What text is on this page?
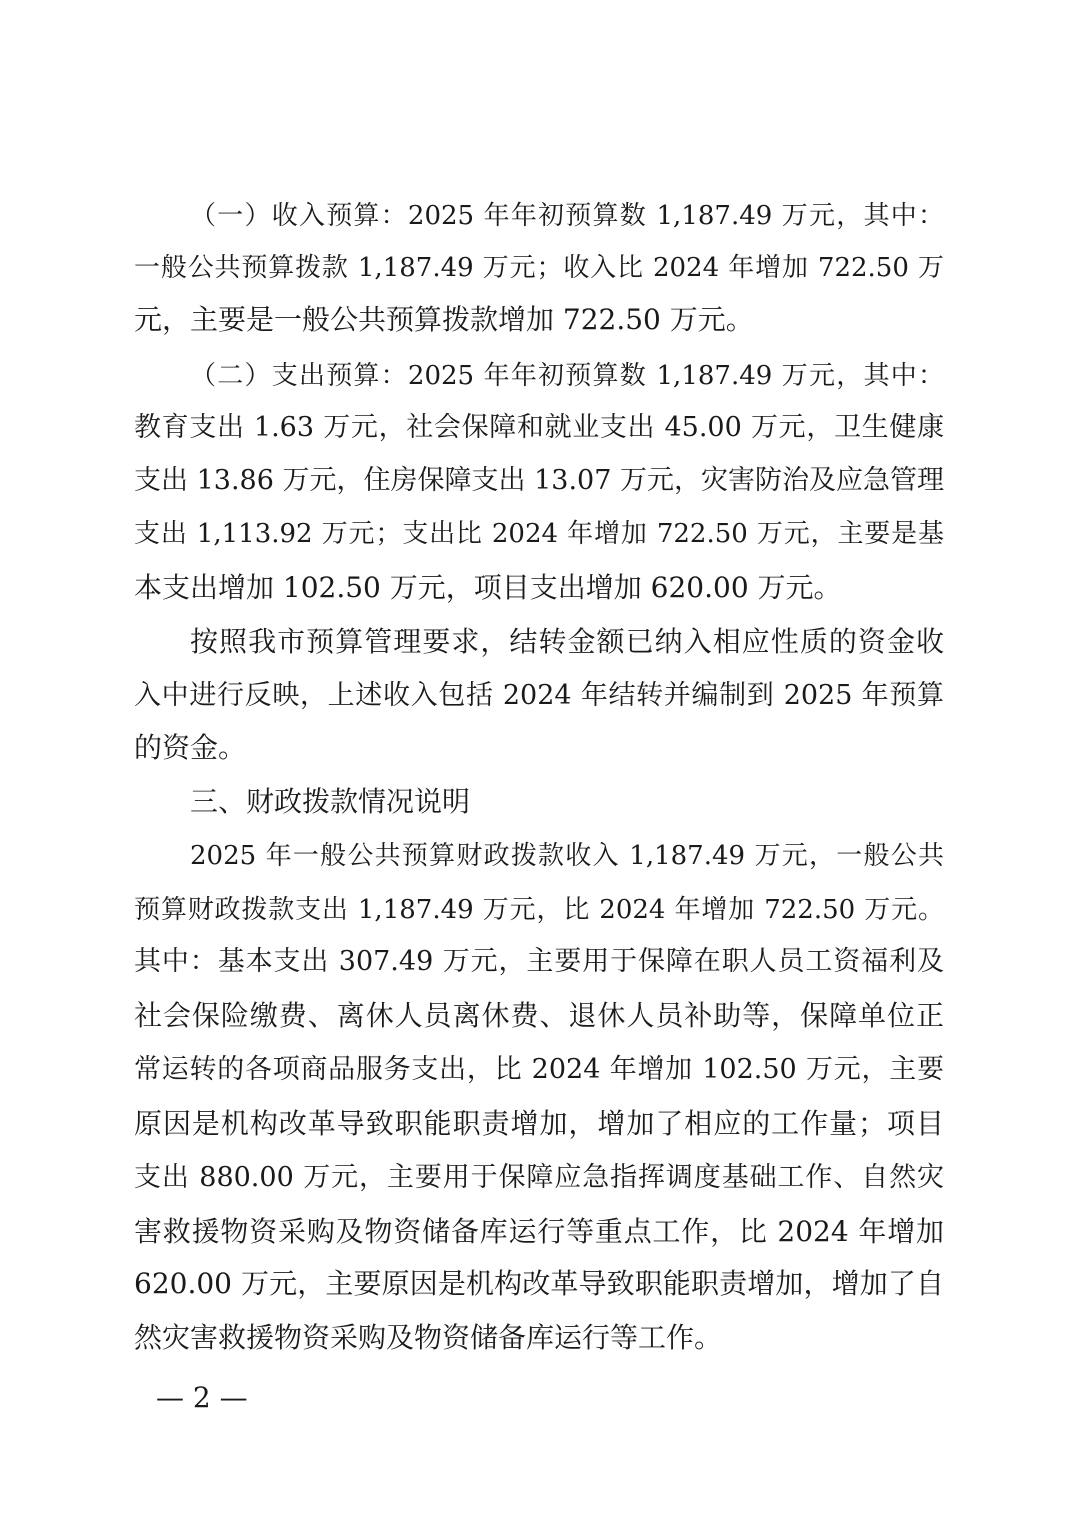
（一）收入预算：2025 年年初预算数 1,187.49 万元，其中：
一般公共预算拨款 1,187.49 万元；收入比 2024 年增加 722.50 万
元，主要是一般公共预算拨款增加 722.50 万元。
（二）支出预算：2025 年年初预算数 1,187.49 万元，其中：
教育支出 1.63 万元，社会保障和就业支出 45.00 万元，卫生健康
支出 13.86 万元，住房保障支出 13.07 万元，灾害防治及应急管理
支出 1,113.92 万元；支出比 2024 年增加 722.50 万元，主要是基
本支出增加 102.50 万元，项目支出增加 620.00 万元。
按照我市预算管理要求，结转金额已纳入相应性质的资金收
入中进行反映，上述收入包括 2024 年结转并编制到 2025 年预算
的资金。
三、财政拨款情况说明
2025 年一般公共预算财政拨款收入 1,187.49 万元，一般公共
预算财政拨款支出 1,187.49 万元，比 2024 年增加 722.50 万元。
其中：基本支出 307.49 万元，主要用于保障在职人员工资福利及
社会保险缴费、离休人员离休费、退休人员补助等，保障单位正
常运转的各项商品服务支出，比 2024 年增加 102.50 万元，主要
原因是机构改革导致职能职责增加，增加了相应的工作量；项目
支出 880.00 万元，主要用于保障应急指挥调度基础工作、自然灾
害救援物资采购及物资储备库运行等重点工作，比 2024 年增加
620.00 万元，主要原因是机构改革导致职能职责增加，增加了自
然灾害救援物资采购及物资储备库运行等工作。
— 2 —
